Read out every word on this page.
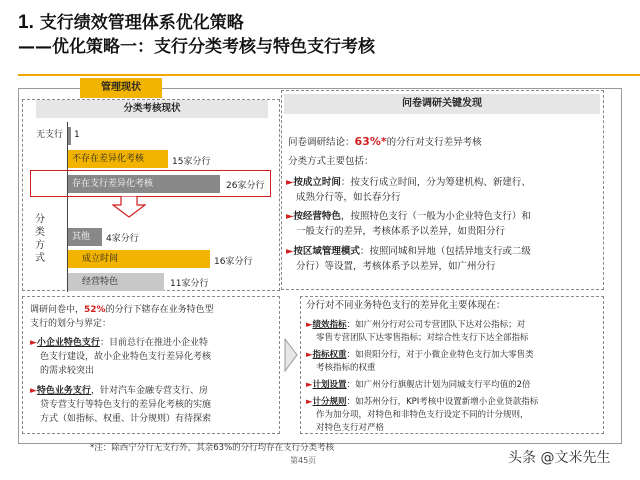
1. 支行绩效管理体系优化策略
——优化策略一：支行分类考核与特色支行考核
管理现状
分类考核现状
无支行 1
不存在差异化考核	15家分行
存在支行差异化考核	26家分行
分类方式
其他	4家分行
成立时间	16家分行
经营特色	11家分行
问卷调研关键发现
问卷调研结论：63%*的分行对支行差异考核
分类方式主要包括：
►按成立时间：按支行成立时间，分为筹建机构、新建行、
成熟分行等，如长春分行
►按经营特色，按照特色支行（一般为小企业特色支行）和
一般支行的差异，考核体系予以差异，如贵阳分行
►按区域管理模式：按照同城和异地（包括异地支行或二级
分行）等设置，考核体系予以差异，如广州分行
调研问卷中，52%的分行下辖存在业务特色型
支行的划分与界定：
►小企业特色支行：目前总行在推进小企业特
色支行建设，故小企业特色支行差异化考核
的需求较突出
►特色业务支行，针对汽车金融专营支行、房
贷专营支行等特色支行的差异化考核的实施
方式（如指标、权重、计分规则）有待探索
分行对不同业务特色支行的差异化主要体现在：
►绩效指标：如广州分行对公司专营团队下达对公指标；对
零售专营团队下达零售指标；对综合性支行下达全部指标
►指标权重：如贵阳分行，对于小微企业特色支行加大零售类
考核指标的权重
►计划设置：如广州分行旗舰店计划为同城支行平均值的2倍
►计分规则：如苏州分行，KPI考核中设置新增小企业贷款指标
作为加分项，对特色和非特色支行设定不同的计分规则，
对特色支行对严格
*注：除西宁分行无支行外，其余63%的分行均存在支行分类考核
第45页	头条 @文米先生
